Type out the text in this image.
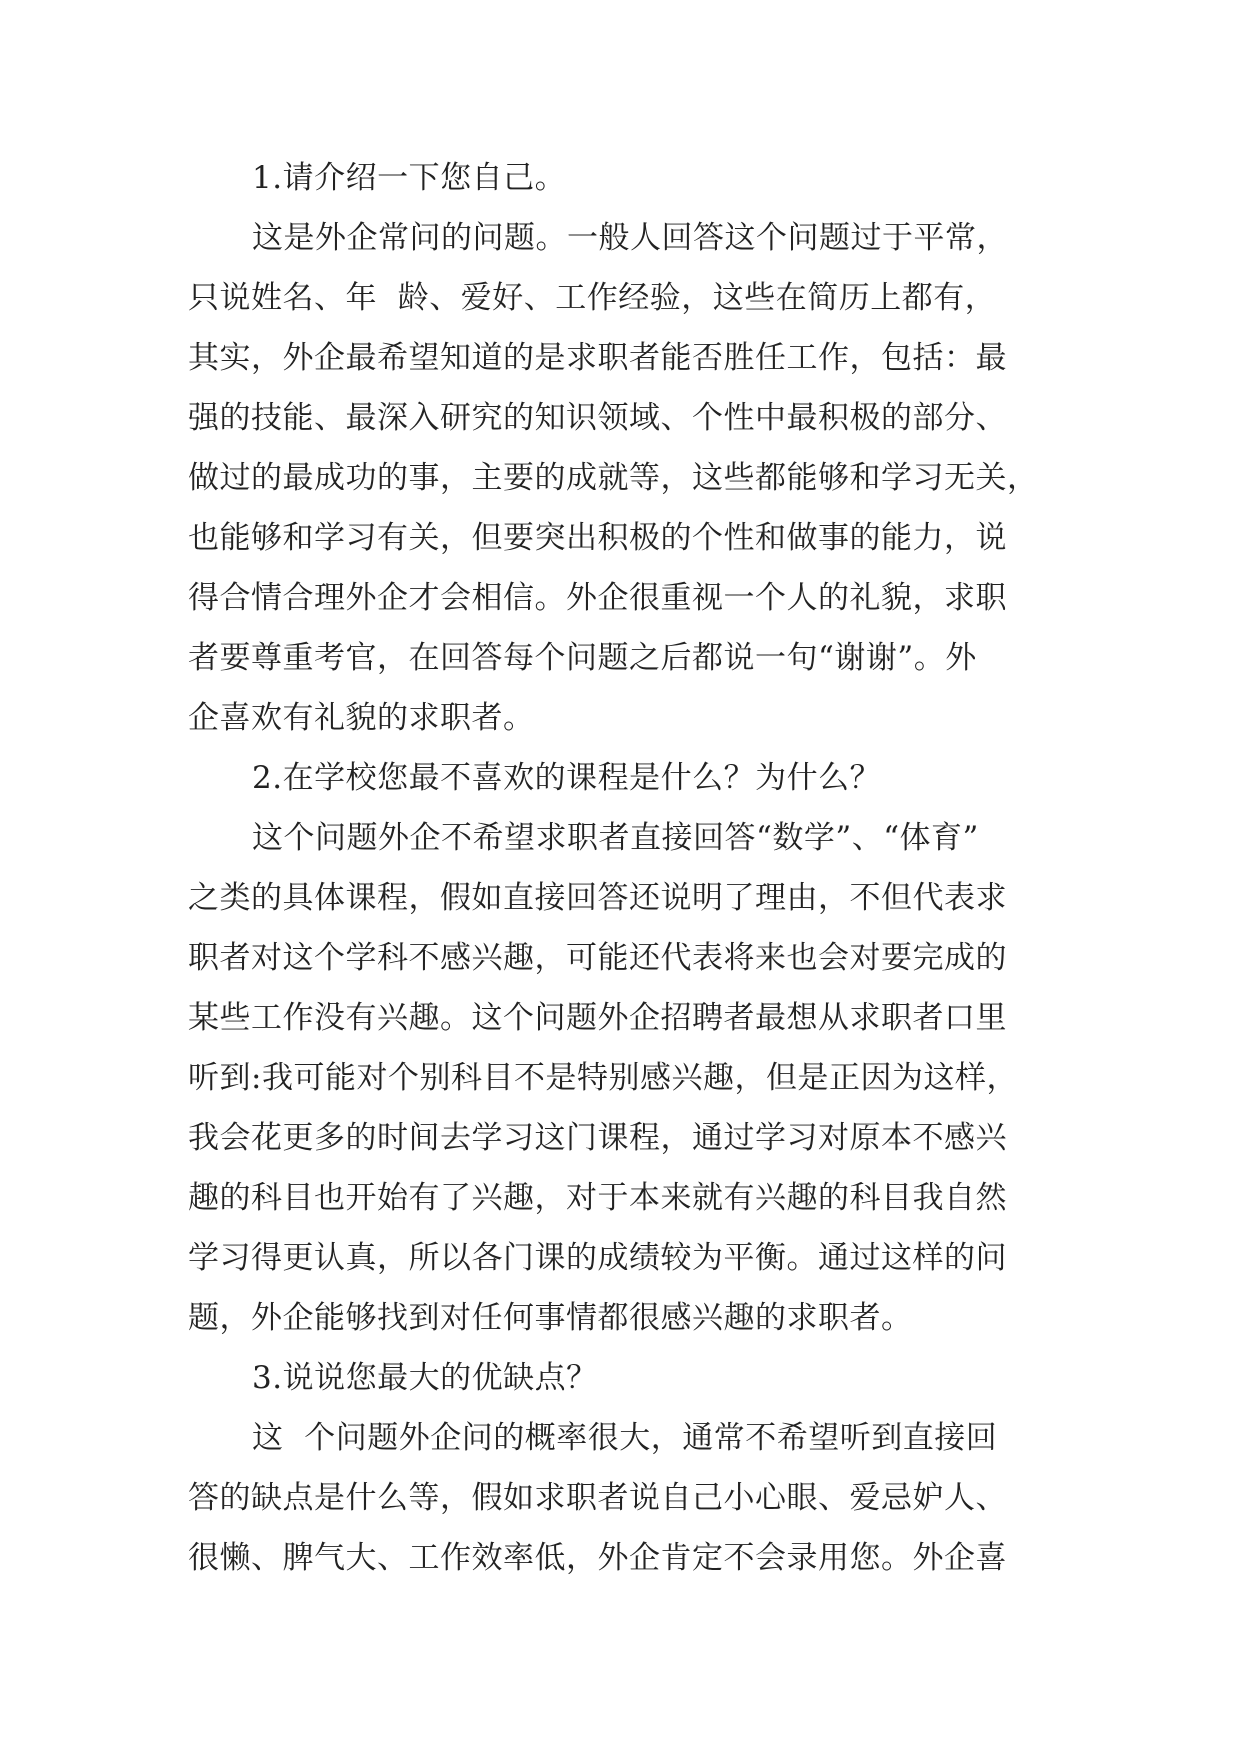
1.请介绍一下您自己。
这是外企常问的问题。一般人回答这个问题过于平常，
只说姓名、年  龄、爱好、工作经验，这些在简历上都有，
其实，外企最希望知道的是求职者能否胜任工作，包括：最
强的技能、最深入研究的知识领域、个性中最积极的部分、
做过的最成功的事，主要的成就等，这些都能够和学习无关，
也能够和学习有关，但要突出积极的个性和做事的能力，说
得合情合理外企才会相信。外企很重视一个人的礼貌，求职
者要尊重考官，在回答每个问题之后都说一句“谢谢”。外
企喜欢有礼貌的求职者。
2.在学校您最不喜欢的课程是什么？为什么？
这个问题外企不希望求职者直接回答“数学”、“体育”
之类的具体课程，假如直接回答还说明了理由，不但代表求
职者对这个学科不感兴趣，可能还代表将来也会对要完成的
某些工作没有兴趣。这个问题外企招聘者最想从求职者口里
听到:我可能对个别科目不是特别感兴趣，但是正因为这样，
我会花更多的时间去学习这门课程，通过学习对原本不感兴
趣的科目也开始有了兴趣，对于本来就有兴趣的科目我自然
学习得更认真，所以各门课的成绩较为平衡。通过这样的问
题，外企能够找到对任何事情都很感兴趣的求职者。
3.说说您最大的优缺点？
这  个问题外企问的概率很大，通常不希望听到直接回
答的缺点是什么等，假如求职者说自己小心眼、爱忌妒人、
很懒、脾气大、工作效率低，外企肯定不会录用您。外企喜
